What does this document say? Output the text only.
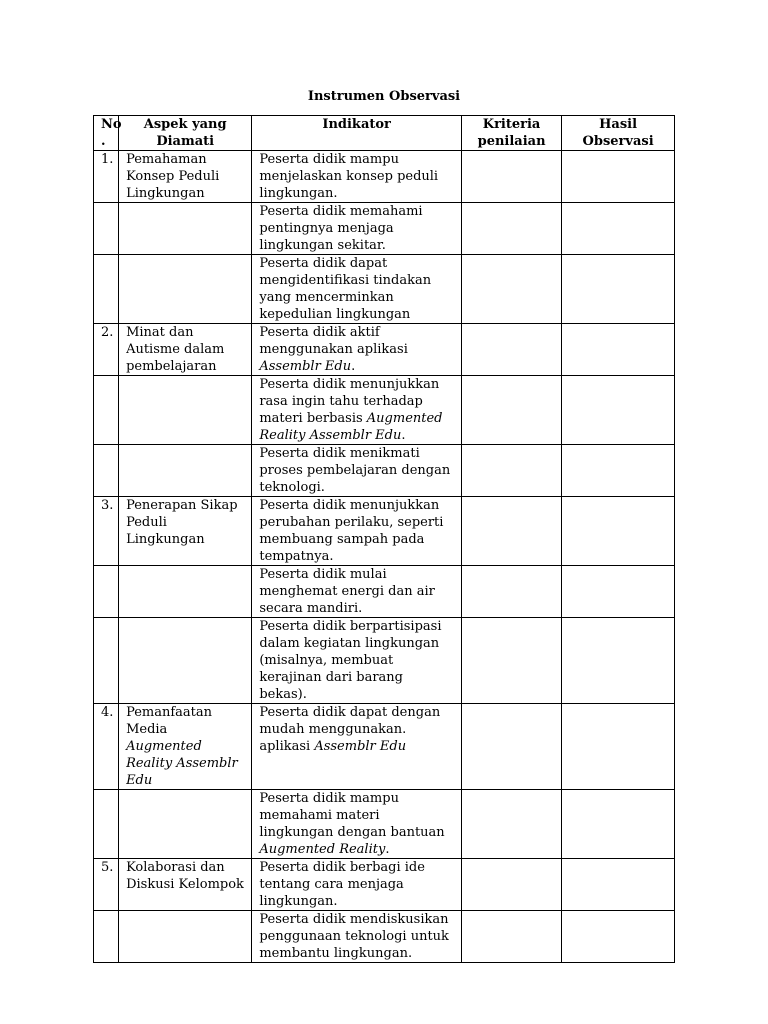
Instrumen Observasi
No .	Aspek yang Diamati	Indikator	Kriteria penilaian	Hasil Observasi
1.	Pemahaman Konsep Peduli Lingkungan	Peserta didik mampu menjelaskan konsep peduli lingkungan.		
		Peserta didik memahami pentingnya menjaga lingkungan sekitar.		
		Peserta didik dapat mengidentifikasi tindakan yang mencerminkan kepedulian lingkungan		
2.	Minat dan Autisme dalam pembelajaran	Peserta didik aktif menggunakan aplikasi Assemblr Edu.		
		Peserta didik menunjukkan rasa ingin tahu terhadap materi berbasis Augmented Reality Assemblr Edu.		
		Peserta didik menikmati proses pembelajaran dengan teknologi.		
3.	Penerapan Sikap Peduli Lingkungan	Peserta didik menunjukkan perubahan perilaku, seperti membuang sampah pada tempatnya.		
		Peserta didik mulai menghemat energi dan air secara mandiri.		
		Peserta didik berpartisipasi dalam kegiatan lingkungan (misalnya, membuat kerajinan dari barang bekas).		
4.	Pemanfaatan Media Augmented Reality Assemblr Edu	Peserta didik dapat dengan mudah menggunakan. aplikasi Assemblr Edu		
		Peserta didik mampu memahami materi lingkungan dengan bantuan Augmented Reality.		
5.	Kolaborasi dan Diskusi Kelompok	Peserta didik berbagi ide tentang cara menjaga lingkungan.		
		Peserta didik mendiskusikan penggunaan teknologi untuk membantu lingkungan.		
